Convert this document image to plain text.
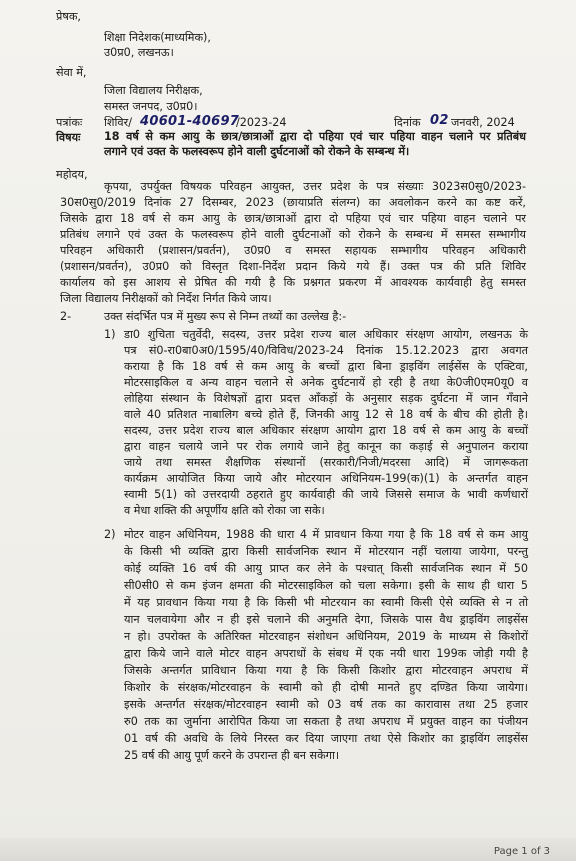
प्रेषक,
शिक्षा निदेशक(माध्यमिक),
उ0प्र0, लखनऊ।
सेवा में,
जिला विद्यालय निरीक्षक,
समस्त जनपद, उ0प्र0।
पत्रांकः शिविर/ 40601-40697
/2023-24	दिनांक 02 जनवरी, 2024
विषयः 18 वर्ष से कम आयु के छात्र/छात्राओं द्वारा दो पहिया एवं चार पहिया वाहन चलाने पर प्रतिबंध
लगाने एवं उक्त के फलस्वरूप होने वाली दुर्घटनाओं को रोकने के सम्बन्ध में।
महोदय,
कृपया, उपर्युक्त विषयक परिवहन आयुक्त, उत्तर प्रदेश के पत्र संख्याः 3023स0सु0/2023-
30स0सु0/2019 दिनांक 27 दिसम्बर, 2023 (छायाप्रति संलग्न) का अवलोकन करने का कष्ट करें,
जिसके द्वारा 18 वर्ष से कम आयु के छात्र/छात्राओं द्वारा दो पहिया एवं चार पहिया वाहन चलाने पर
प्रतिबंध लगाने एवं उक्त के फलस्वरूप होने वाली दुर्घटनाओं को रोकने के सम्बन्ध में समस्त सम्भागीय
परिवहन अधिकारी (प्रशासन/प्रवर्तन), उ0प्र0 व समस्त सहायक सम्भागीय परिवहन अधिकारी
(प्रशासन/प्रवर्तन), उ0प्र0 को विस्तृत दिशा-निर्देश प्रदान किये गये हैं। उक्त पत्र की प्रति शिविर
कार्यालय को इस आशय से प्रेषित की गयी है कि प्रश्नगत प्रकरण में आवश्यक कार्यवाही हेतु समस्त
जिला विद्यालय निरीक्षकों को निर्देश निर्गत किये जाय।
2-	उक्त संदर्भित पत्र में मुख्य रूप से निम्न तथ्यों का उल्लेख है:-
1) डा0 शुचिता चतुर्वेदी, सदस्य, उत्तर प्रदेश राज्य बाल अधिकार संरक्षण आयोग, लखनऊ के
पत्र सं0-रा0बा0अ0/1595/40/विविध/2023-24 दिनांक 15.12.2023 द्वारा अवगत
कराया है कि 18 वर्ष से कम आयु के बच्चों द्वारा बिना ड्राइविंग लाईसेंस के एक्टिवा,
मोटरसाइकिल व अन्य वाहन चलाने से अनेक दुर्घटनायें हो रही है तथा के0जी0एम0यू0 व
लोहिया संस्थान के विशेषज्ञों द्वारा प्रदत्त आँकड़ों के अनुसार सड़क दुर्घटना में जान गँवाने
वाले 40 प्रतिशत नाबालिग बच्चे होते हैं, जिनकी आयु 12 से 18 वर्ष के बीच की होती है।
सदस्य, उत्तर प्रदेश राज्य बाल अधिकार संरक्षण आयोग द्वारा 18 वर्ष से कम आयु के बच्चों
द्वारा वाहन चलाये जाने पर रोक लगाये जाने हेतु कानून का कड़ाई से अनुपालन कराया
जाये तथा समस्त शैक्षणिक संस्थानों (सरकारी/निजी/मदरसा आदि) में जागरूकता
कार्यक्रम आयोजित किया जाये और मोटरयान अधिनियम-199(क)(1) के अन्तर्गत वाहन
स्वामी 5(1) को उत्तरदायी ठहराते हुए कार्यवाही की जाये जिससे समाज के भावी कर्णधारों
व मेधा शक्ति की अपूर्णीय क्षति को रोका जा सके।
2) मोटर वाहन अधिनियम, 1988 की धारा 4 में प्रावधान किया गया है कि 18 वर्ष से कम आयु
के किसी भी व्यक्ति द्वारा किसी सार्वजनिक स्थान में मोटरयान नहीं चलाया जायेगा, परन्तु
कोई व्यक्ति 16 वर्ष की आयु प्राप्त कर लेने के पश्चात् किसी सार्वजनिक स्थान में 50
सी0सी0 से कम इंजन क्षमता की मोटरसाइकिल को चला सकेगा। इसी के साथ ही धारा 5
में यह प्रावधान किया गया है कि किसी भी मोटरयान का स्वामी किसी ऐसे व्यक्ति से न तो
यान चलवायेगा और न ही इसे चलाने की अनुमति देगा, जिसके पास वैध ड्राइविंग लाइसेंस
न हो। उपरोक्त के अतिरिक्त मोटरवाहन संशोधन अधिनियम, 2019 के माध्यम से किशोरों
द्वारा किये जाने वाले मोटर वाहन अपराधों के संबध में एक नयी धारा 199क जोड़ी गयी है
जिसके अन्तर्गत प्राविधान किया गया है कि किसी किशोर द्वारा मोटरवाहन अपराध में
किशोर के संरक्षक/मोटरवाहन के स्वामी को ही दोषी मानते हुए दण्डित किया जायेगा।
इसके अन्तर्गत संरक्षक/मोटरवाहन स्वामी को 03 वर्ष तक का कारावास तथा 25 हजार
रु0 तक का जुर्माना आरोपित किया जा सकता है तथा अपराध में प्रयुक्त वाहन का पंजीयन
01 वर्ष की अवधि के लिये निरस्त कर दिया जाएगा तथा ऐसे किशोर का ड्राइविंग लाइसेंस
25 वर्ष की आयु पूर्ण करने के उपरान्त ही बन सकेगा।
Page 1 of 3
